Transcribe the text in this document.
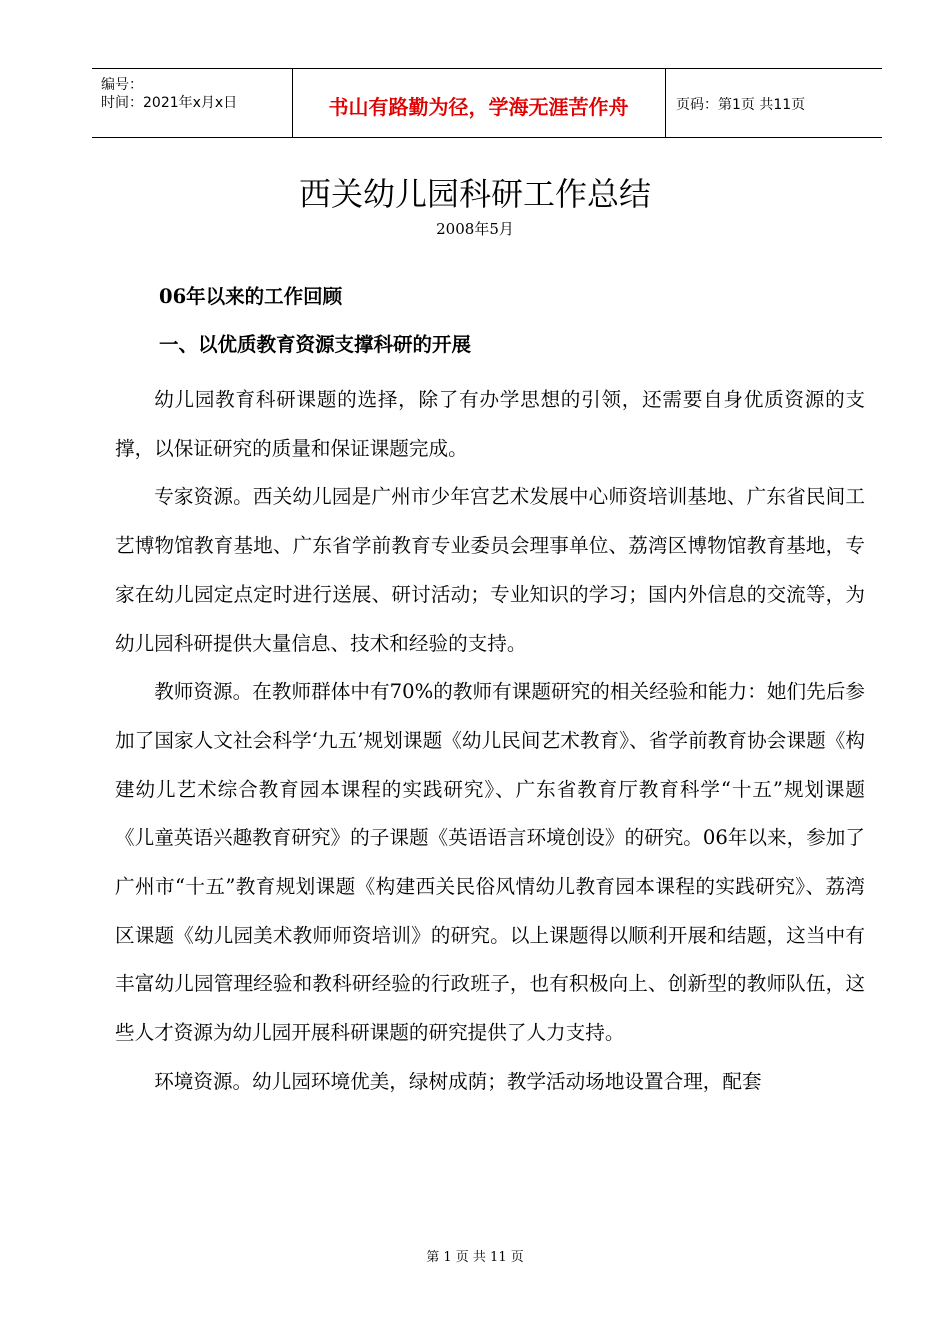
编号：
时间：2021年x月x日	书山有路勤为径，学海无涯苦作舟	页码：第1页 共11页
西关幼儿园科研工作总结
2008年5月
06年以来的工作回顾
一、以优质教育资源支撑科研的开展

幼儿园教育科研课题的选择，除了有办学思想的引领，还需要自身优质资源的支撑，以保证研究的质量和保证课题完成。

专家资源。西关幼儿园是广州市少年宫艺术发展中心师资培训基地、广东省民间工艺博物馆教育基地、广东省学前教育专业委员会理事单位、荔湾区博物馆教育基地，专家在幼儿园定点定时进行送展、研讨活动；专业知识的学习；国内外信息的交流等，为幼儿园科研提供大量信息、技术和经验的支持。

教师资源。在教师群体中有70%的教师有课题研究的相关经验和能力：她们先后参加了国家人文社会科学‘九五’规划课题《幼儿民间艺术教育》、省学前教育协会课题《构建幼儿艺术综合教育园本课程的实践研究》、广东省教育厅教育科学“十五”规划课题《儿童英语兴趣教育研究》的子课题《英语语言环境创设》的研究。06年以来，参加了广州市“十五”教育规划课题《构建西关民俗风情幼儿教育园本课程的实践研究》、荔湾区课题《幼儿园美术教师师资培训》的研究。以上课题得以顺利开展和结题，这当中有丰富幼儿园管理经验和教科研经验的行政班子，也有积极向上、创新型的教师队伍，这些人才资源为幼儿园开展科研课题的研究提供了人力支持。

环境资源。幼儿园环境优美，绿树成荫；教学活动场地设置合理，配套

第 1 页 共 11 页
